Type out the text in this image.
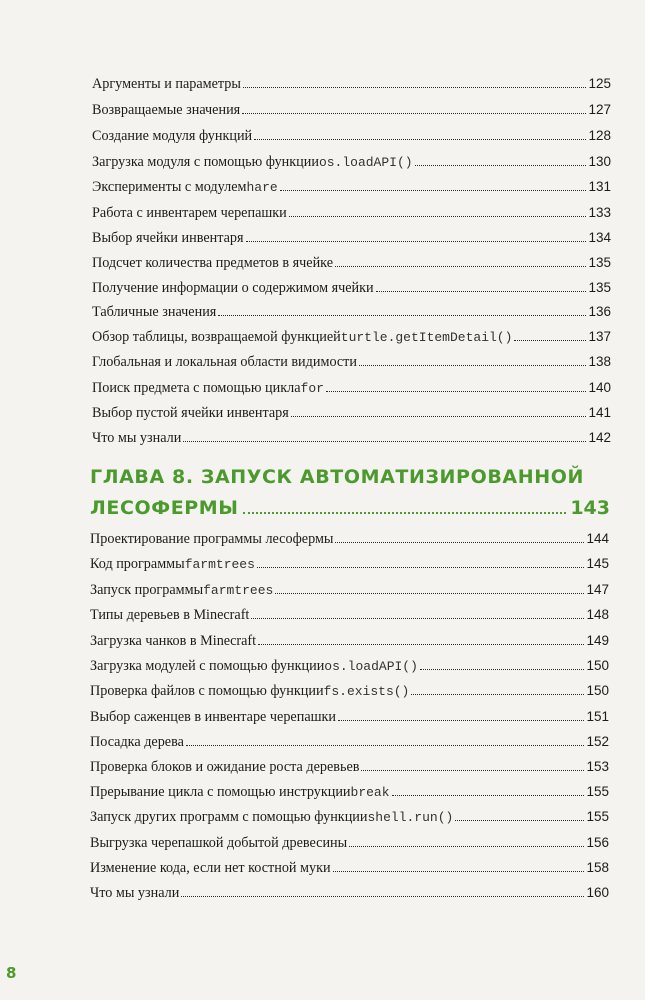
Аргументы и параметры	125
Возвращаемые значения	127
Создание модуля функций	128
Загрузка модуля с помощью функции os.loadAPI()	130
Эксперименты с модулем hare	131
Работа с инвентарем черепашки	133
Выбор ячейки инвентаря	134
Подсчет количества предметов в ячейке	135
Получение информации о содержимом ячейки	135
Табличные значения	136
Обзор таблицы, возвращаемой функцией turtle.getItemDetail()	137
Глобальная и локальная области видимости	138
Поиск предмета с помощью цикла for	140
Выбор пустой ячейки инвентаря	141
Что мы узнали	142
ГЛАВА 8. ЗАПУСК АВТОМАТИЗИРОВАННОЙ
ЛЕСОФЕРМЫ	143
Проектирование программы лесофермы	144
Код программы farmtrees	145
Запуск программы farmtrees	147
Типы деревьев в Minecraft	148
Загрузка чанков в Minecraft	149
Загрузка модулей с помощью функции os.loadAPI()	150
Проверка файлов с помощью функции fs.exists()	150
Выбор саженцев в инвентаре черепашки	151
Посадка дерева	152
Проверка блоков и ожидание роста деревьев	153
Прерывание цикла с помощью инструкции break	155
Запуск других программ с помощью функции shell.run()	155
Выгрузка черепашкой добытой древесины	156
Изменение кода, если нет костной муки	158
Что мы узнали	160
8
